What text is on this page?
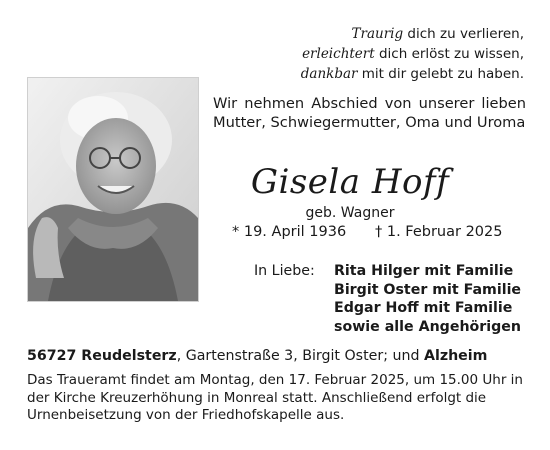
Traurig dich zu verlieren,
erleichtert dich erlöst zu wissen,
dankbar mit dir gelebt zu haben.
Wir nehmen Abschied von unserer lieben Mutter, Schwiegermutter, Oma und Uroma
Gisela Hoff
geb. Wagner
* 19. April 1936 † 1. Februar 2025
In Liebe: Rita Hilger mit Familie
Birgit Oster mit Familie
Edgar Hoff mit Familie
sowie alle Angehörigen
56727 Reudelsterz, Gartenstraße 3, Birgit Oster; und Alzheim
Das Traueramt findet am Montag, den 17. Februar 2025, um 15.00 Uhr in der Kirche Kreuzerhöhung in Monreal statt. Anschließend erfolgt die Urnenbeisetzung von der Friedhofskapelle aus.
